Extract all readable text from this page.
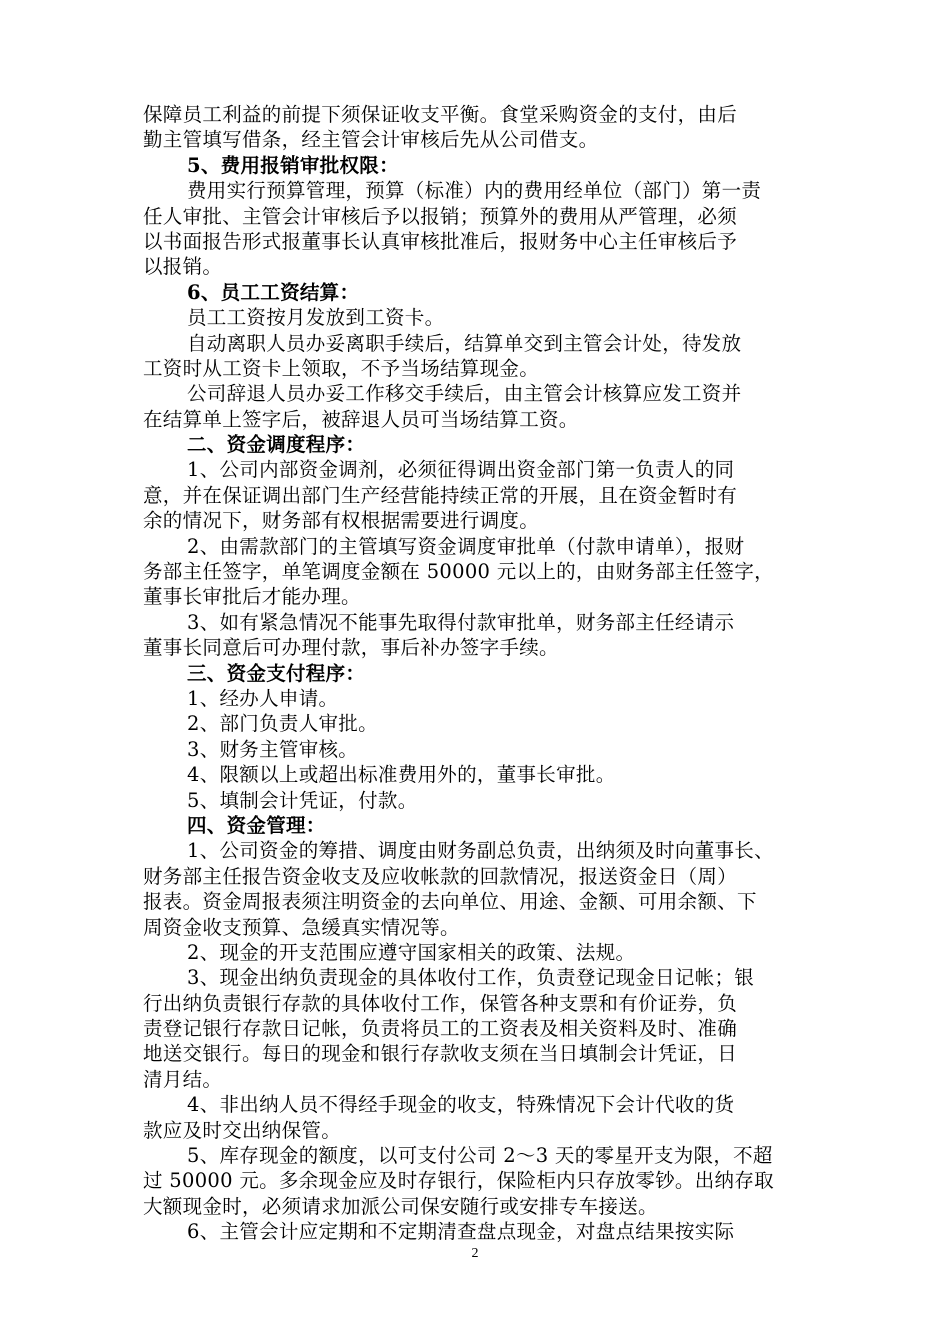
保障员工利益的前提下须保证收支平衡。食堂采购资金的支付，由后
勤主管填写借条，经主管会计审核后先从公司借支。
5、费用报销审批权限：
费用实行预算管理，预算（标准）内的费用经单位（部门）第一责
任人审批、主管会计审核后予以报销；预算外的费用从严管理，必须
以书面报告形式报董事长认真审核批准后，报财务中心主任审核后予
以报销。
6、员工工资结算：
员工工资按月发放到工资卡。
自动离职人员办妥离职手续后，结算单交到主管会计处，待发放
工资时从工资卡上领取，不予当场结算现金。
公司辞退人员办妥工作移交手续后，由主管会计核算应发工资并
在结算单上签字后，被辞退人员可当场结算工资。
二、资金调度程序：
1、公司内部资金调剂，必须征得调出资金部门第一负责人的同
意，并在保证调出部门生产经营能持续正常的开展，且在资金暂时有
余的情况下，财务部有权根据需要进行调度。
2、由需款部门的主管填写资金调度审批单（付款申请单），报财
务部主任签字，单笔调度金额在 50000 元以上的，由财务部主任签字，
董事长审批后才能办理。
3、如有紧急情况不能事先取得付款审批单，财务部主任经请示
董事长同意后可办理付款，事后补办签字手续。
三、资金支付程序：
1、经办人申请。
2、部门负责人审批。
3、财务主管审核。
4、限额以上或超出标准费用外的，董事长审批。
5、填制会计凭证，付款。
四、资金管理：
1、公司资金的筹措、调度由财务副总负责，出纳须及时向董事长、
财务部主任报告资金收支及应收帐款的回款情况，报送资金日（周）
报表。资金周报表须注明资金的去向单位、用途、金额、可用余额、下
周资金收支预算、急缓真实情况等。
2、现金的开支范围应遵守国家相关的政策、法规。
3、现金出纳负责现金的具体收付工作，负责登记现金日记帐；银
行出纳负责银行存款的具体收付工作，保管各种支票和有价证券，负
责登记银行存款日记帐，负责将员工的工资表及相关资料及时、准确
地送交银行。每日的现金和银行存款收支须在当日填制会计凭证，日
清月结。
4、非出纳人员不得经手现金的收支，特殊情况下会计代收的货
款应及时交出纳保管。
5、库存现金的额度，以可支付公司 2～3 天的零星开支为限，不超
过 50000 元。多余现金应及时存银行，保险柜内只存放零钞。出纳存取
大额现金时，必须请求加派公司保安随行或安排专车接送。
6、主管会计应定期和不定期清查盘点现金，对盘点结果按实际
2
